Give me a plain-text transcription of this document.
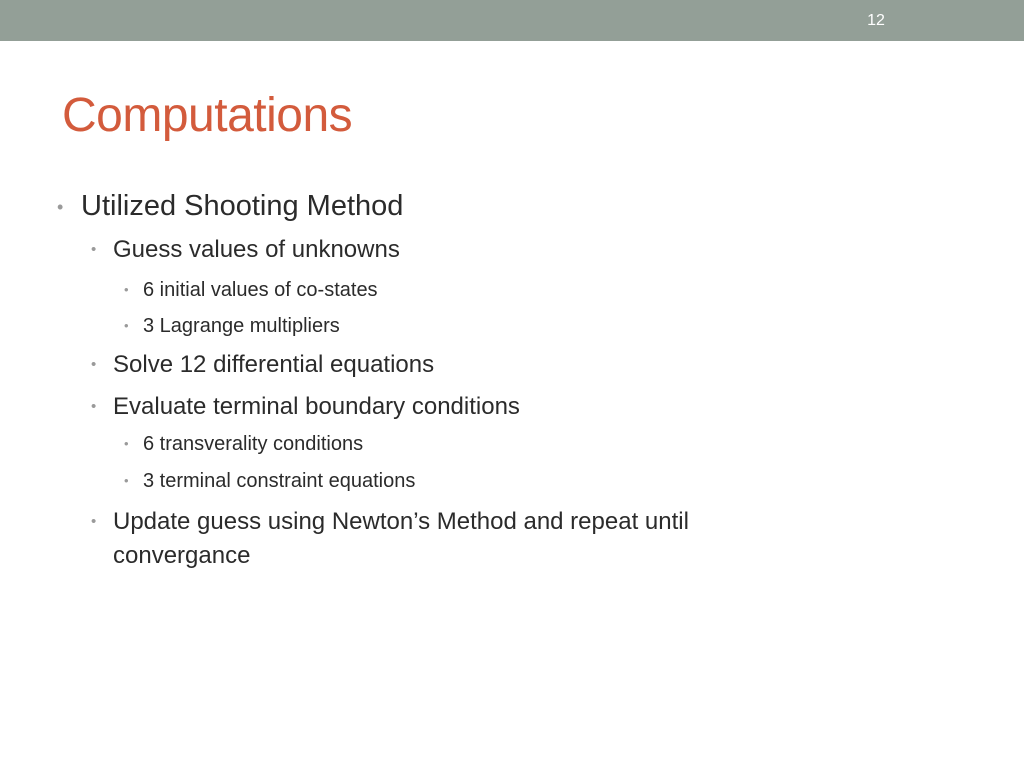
12
Computations
• Utilized Shooting Method
• Guess values of unknowns
• 6 initial values of co-states
• 3 Lagrange multipliers
• Solve 12 differential equations
• Evaluate terminal boundary conditions
• 6 transverality conditions
• 3 terminal constraint equations
• Update guess using Newton’s Method and repeat until
convergance
